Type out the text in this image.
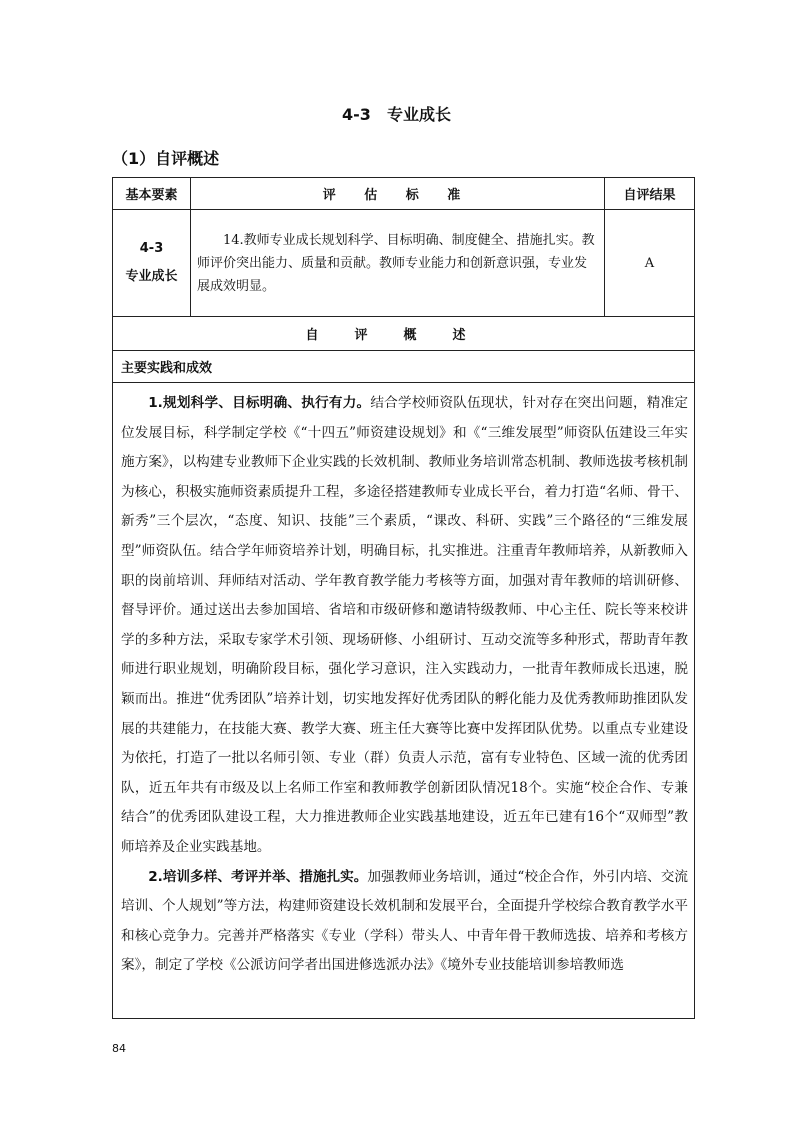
4-3　专业成长
（1）自评概述
基本要素	评 估 标 准	自评结果

4-3
专业成长	14.教师专业成长规划科学、目标明确、制度健全、措施扎实。教师评价突出能力、质量和贡献。教师专业能力和创新意识强，专业发展成效明显。	A
自评概述		
主要实践和成效		

1.规划科学、目标明确、执行有力。结合学校师资队伍现状，针对存在突出问题，精准定位发展目标，科学制定学校《“十四五”师资建设规划》和《“三维发展型”师资队伍建设三年实施方案》，以构建专业教师下企业实践的长效机制、教师业务培训常态机制、教师选拔考核机制为核心，积极实施师资素质提升工程，多途径搭建教师专业成长平台，着力打造“名师、骨干、新秀”三个层次，“态度、知识、技能”三个素质，“课改、科研、实践”三个路径的“三维发展型”师资队伍。结合学年师资培养计划，明确目标，扎实推进。注重青年教师培养，从新教师入职的岗前培训、拜师结对活动、学年教育教学能力考核等方面，加强对青年教师的培训研修、督导评价。通过送出去参加国培、省培和市级研修和邀请特级教师、中心主任、院长等来校讲学的多种方法，采取专家学术引领、现场研修、小组研讨、互动交流等多种形式，帮助青年教师进行职业规划，明确阶段目标，强化学习意识，注入实践动力，一批青年教师成长迅速，脱颖而出。推进“优秀团队”培养计划，切实地发挥好优秀团队的孵化能力及优秀教师助推团队发展的共建能力，在技能大赛、教学大赛、班主任大赛等比赛中发挥团队优势。以重点专业建设为依托，打造了一批以名师引领、专业（群）负责人示范，富有专业特色、区域一流的优秀团队，近五年共有市级及以上名师工作室和教师教学创新团队情况18个。实施“校企合作、专兼结合”的优秀团队建设工程，大力推进教师企业实践基地建设，近五年已建有16个“双师型”教师培养及企业实践基地。

2.培训多样、考评并举、措施扎实。加强教师业务培训，通过“校企合作，外引内培、交流培训、个人规划”等方法，构建师资建设长效机制和发展平台，全面提升学校综合教育教学水平和核心竞争力。完善并严格落实《专业（学科）带头人、中青年骨干教师选拔、培养和考核方案》，制定了学校《公派访问学者出国进修选派办法》《境外专业技能培训参培教师选		

84
